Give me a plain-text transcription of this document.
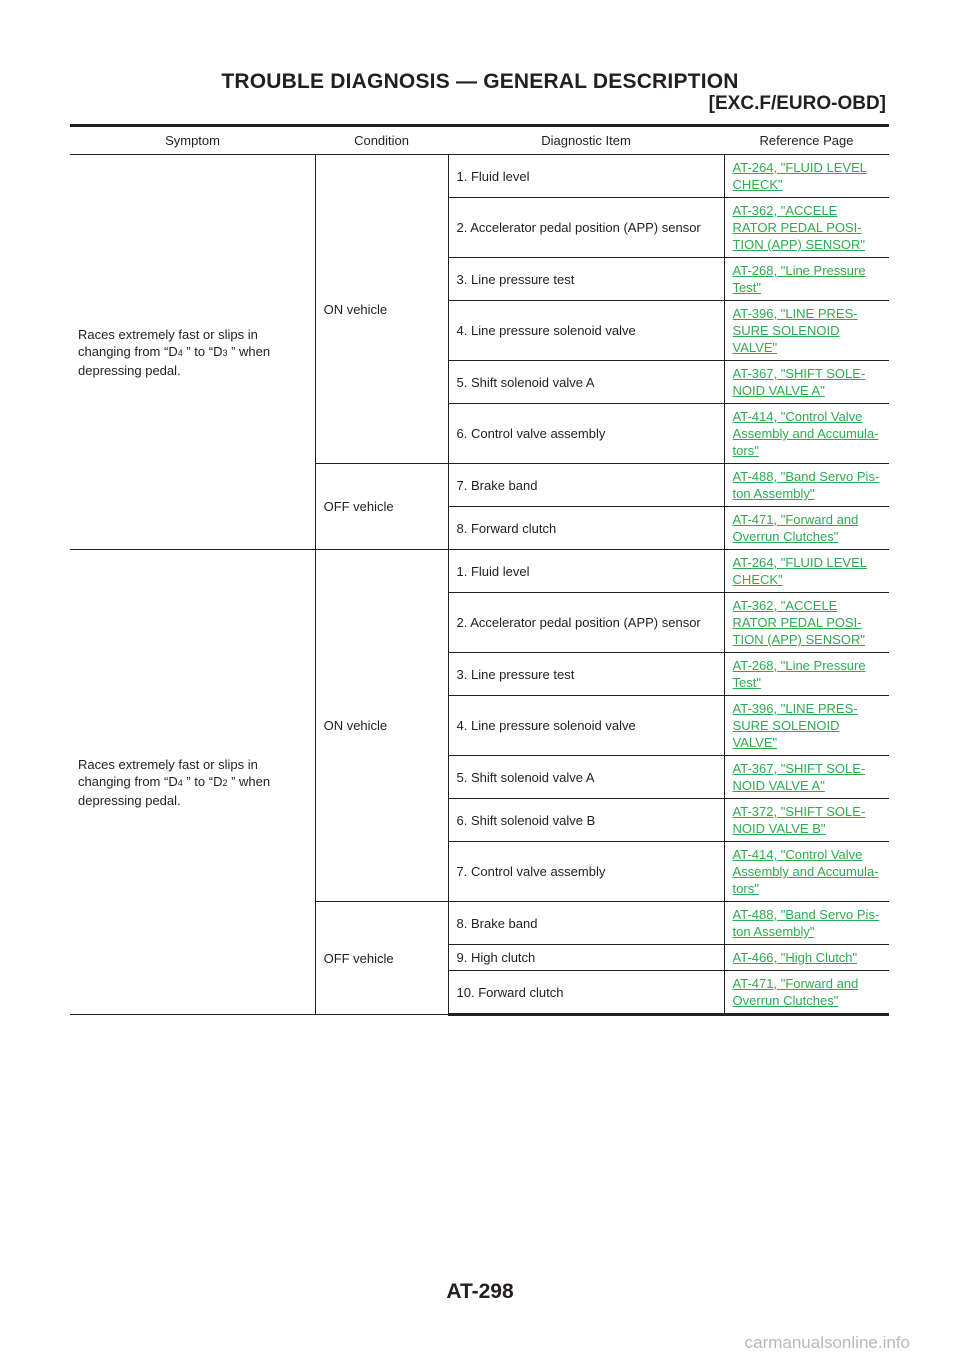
TROUBLE DIAGNOSIS — GENERAL DESCRIPTION
[EXC.F/EURO-OBD]
Symptom	Condition	Diagnostic Item	Reference Page
Races extremely fast or slips in changing from “D4 ” to “D3 ” when depressing pedal.	ON vehicle	1. Fluid level	AT-264, "FLUID LEVEL CHECK"
		2. Accelerator pedal position (APP) sensor	AT-362, "ACCELE RATOR PEDAL POSI-TION (APP) SENSOR"
		3. Line pressure test	AT-268, "Line Pressure Test"
		4. Line pressure solenoid valve	AT-396, "LINE PRES-SURE SOLENOID VALVE"
		5. Shift solenoid valve A	AT-367, "SHIFT SOLE-NOID VALVE A"
		6. Control valve assembly	AT-414, "Control Valve Assembly and Accumula-tors"
	OFF vehicle	7. Brake band	AT-488, "Band Servo Pis-ton Assembly"
		8. Forward clutch	AT-471, "Forward and Overrun Clutches"
Races extremely fast or slips in changing from “D4 ” to “D2 ” when depressing pedal.	ON vehicle	1. Fluid level	AT-264, "FLUID LEVEL CHECK"
		2. Accelerator pedal position (APP) sensor	AT-362, "ACCELE RATOR PEDAL POSI-TION (APP) SENSOR"
		3. Line pressure test	AT-268, "Line Pressure Test"
		4. Line pressure solenoid valve	AT-396, "LINE PRES-SURE SOLENOID VALVE"
		5. Shift solenoid valve A	AT-367, "SHIFT SOLE-NOID VALVE A"
		6. Shift solenoid valve B	AT-372, "SHIFT SOLE-NOID VALVE B"
		7. Control valve assembly	AT-414, "Control Valve Assembly and Accumula-tors"
	OFF vehicle	8. Brake band	AT-488, "Band Servo Pis-ton Assembly"
		9. High clutch	AT-466, "High Clutch"
		10. Forward clutch	AT-471, "Forward and Overrun Clutches"
AT-298
carmanualsonline.info
